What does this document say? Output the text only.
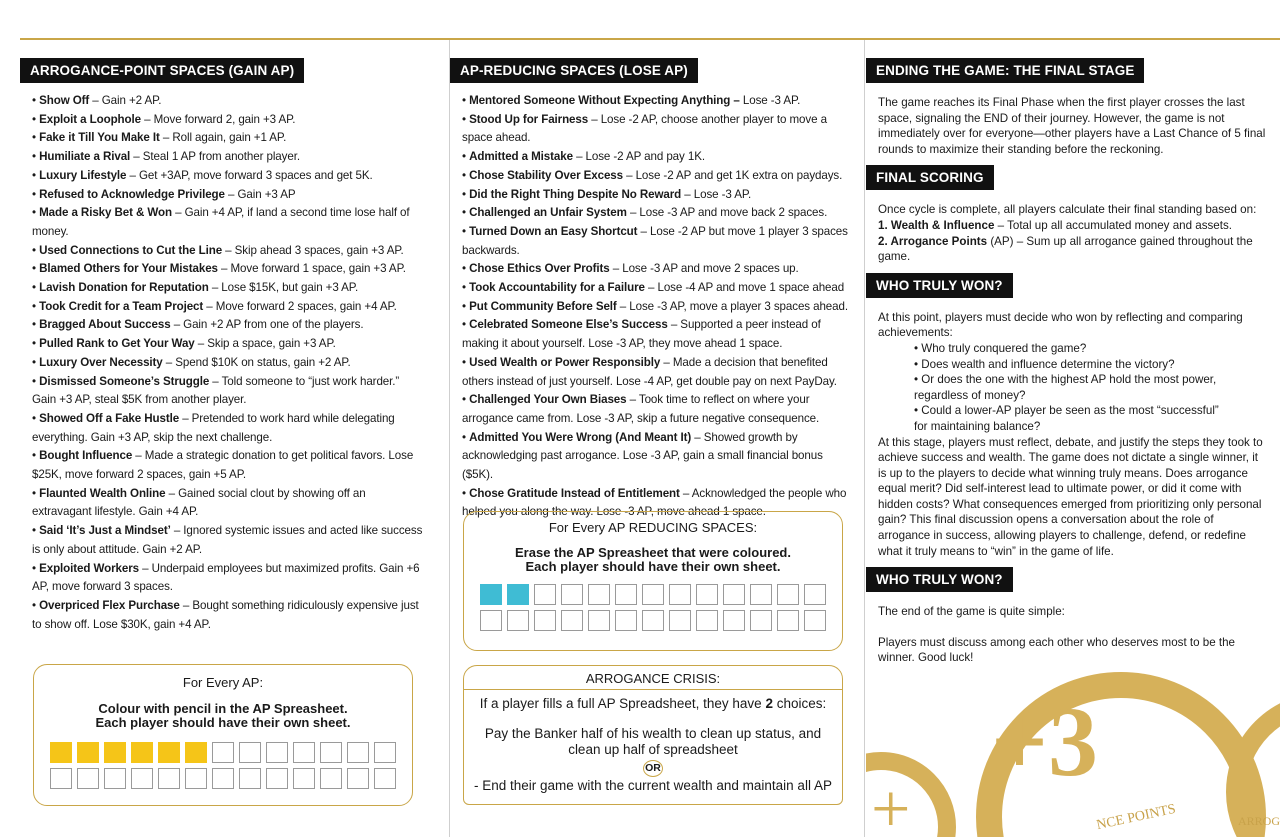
ARROGANCE-POINT SPACES (GAIN AP)
• Show Off – Gain +2 AP.
• Exploit a Loophole – Move forward 2, gain +3 AP.
• Fake it Till You Make It – Roll again, gain +1 AP.
• Humiliate a Rival – Steal 1 AP from another player.
• Luxury Lifestyle – Get +3AP, move forward 3 spaces and get 5K.
• Refused to Acknowledge Privilege – Gain +3 AP
• Made a Risky Bet & Won – Gain +4 AP, if land a second time lose half of money.
• Used Connections to Cut the Line – Skip ahead 3 spaces, gain +3 AP.
• Blamed Others for Your Mistakes – Move forward 1 space, gain +3 AP.
• Lavish Donation for Reputation – Lose $15K, but gain +3 AP.
• Took Credit for a Team Project – Move forward 2 spaces, gain +4 AP.
• Bragged About Success – Gain +2 AP from one of the players.
• Pulled Rank to Get Your Way – Skip a space, gain +3 AP.
• Luxury Over Necessity – Spend $10K on status, gain +2 AP.
• Dismissed Someone’s Struggle – Told someone to “just work harder.” Gain +3 AP, steal $5K from another player.
• Showed Off a Fake Hustle – Pretended to work hard while delegating everything. Gain +3 AP, skip the next challenge.
• Bought Influence – Made a strategic donation to get political favors. Lose $25K, move forward 2 spaces, gain +5 AP.
• Flaunted Wealth Online – Gained social clout by showing off an extravagant lifestyle. Gain +4 AP.
• Said ‘It’s Just a Mindset’ – Ignored systemic issues and acted like success is only about attitude. Gain +2 AP.
• Exploited Workers – Underpaid employees but maximized profits. Gain +6 AP, move forward 3 spaces.
• Overpriced Flex Purchase – Bought something ridiculously expensive just to show off. Lose $30K, gain +4 AP.
For Every AP:
Colour with pencil in the AP Spreasheet.
Each player should have their own sheet.
AP-REDUCING SPACES (LOSE AP)
• Mentored Someone Without Expecting Anything – Lose -3 AP.
• Stood Up for Fairness – Lose -2 AP, choose another player to move a space ahead.
• Admitted a Mistake – Lose -2 AP and pay 1K.
• Chose Stability Over Excess – Lose -2 AP and get 1K extra on paydays.
• Did the Right Thing Despite No Reward – Lose -3 AP.
• Challenged an Unfair System – Lose -3 AP and move back 2 spaces.
• Turned Down an Easy Shortcut – Lose -2 AP but move 1 player 3 spaces backwards.
• Chose Ethics Over Profits – Lose -3 AP and move 2 spaces up.
• Took Accountability for a Failure – Lose -4 AP and move 1 space ahead
• Put Community Before Self – Lose -3 AP, move a player 3 spaces ahead.
• Celebrated Someone Else’s Success – Supported a peer instead of making it about yourself. Lose -3 AP, they move ahead 1 space.
• Used Wealth or Power Responsibly – Made a decision that benefited others instead of just yourself. Lose -4 AP, get double pay on next PayDay.
• Challenged Your Own Biases – Took time to reflect on where your arrogance came from. Lose -3 AP, skip a future negative consequence.
• Admitted You Were Wrong (And Meant It) – Showed growth by acknowledging past arrogance. Lose -3 AP, gain a small financial bonus ($5K).
• Chose Gratitude Instead of Entitlement – Acknowledged the people who helped you along the way. Lose -3 AP, move ahead 1 space.
For Every AP REDUCING SPACES:
Erase the AP Spreasheet that were coloured.
Each player should have their own sheet.
ARROGANCE CRISIS:
If a player fills a full AP Spreadsheet, they have 2 choices:
Pay the Banker half of his wealth to clean up status, and clean up half of spreadsheet
OR
- End their game with the current wealth and maintain all AP
ENDING THE GAME: THE FINAL STAGE
The game reaches its Final Phase when the first player crosses the last space, signaling the END of their journey. However, the game is not immediately over for everyone—other players have a Last Chance of 5 final rounds to maximize their standing before the reckoning.
FINAL SCORING
Once cycle is complete, all players calculate their final standing based on:
1. Wealth & Influence – Total up all accumulated money and assets.
2. Arrogance Points (AP) – Sum up all arrogance gained throughout the game.
WHO TRULY WON?
At this point, players must decide who won by reflecting and comparing achievements:
• Who truly conquered the game?
• Does wealth and influence determine the victory?
• Or does the one with the highest AP hold the most power, regardless of money?
• Could a lower-AP player be seen as the most “successful” for maintaining balance?
At this stage, players must reflect, debate, and justify the steps they took to achieve success and wealth. The game does not dictate a single winner, it is up to the players to decide what winning truly means. Does arrogance equal merit? Did self-interest lead to ultimate power, or did it come with hidden costs? What consequences emerged from prioritizing only personal gain? This final discussion opens a conversation about the role of arrogance in success, allowing players to challenge, defend, or redefine what it truly means to “win” in the game of life.
WHO TRULY WON?
The end of the game is quite simple:
Players must discuss among each other who deserves most to be the winner. Good luck!
+3
+	NCE POINTS	ARROG
